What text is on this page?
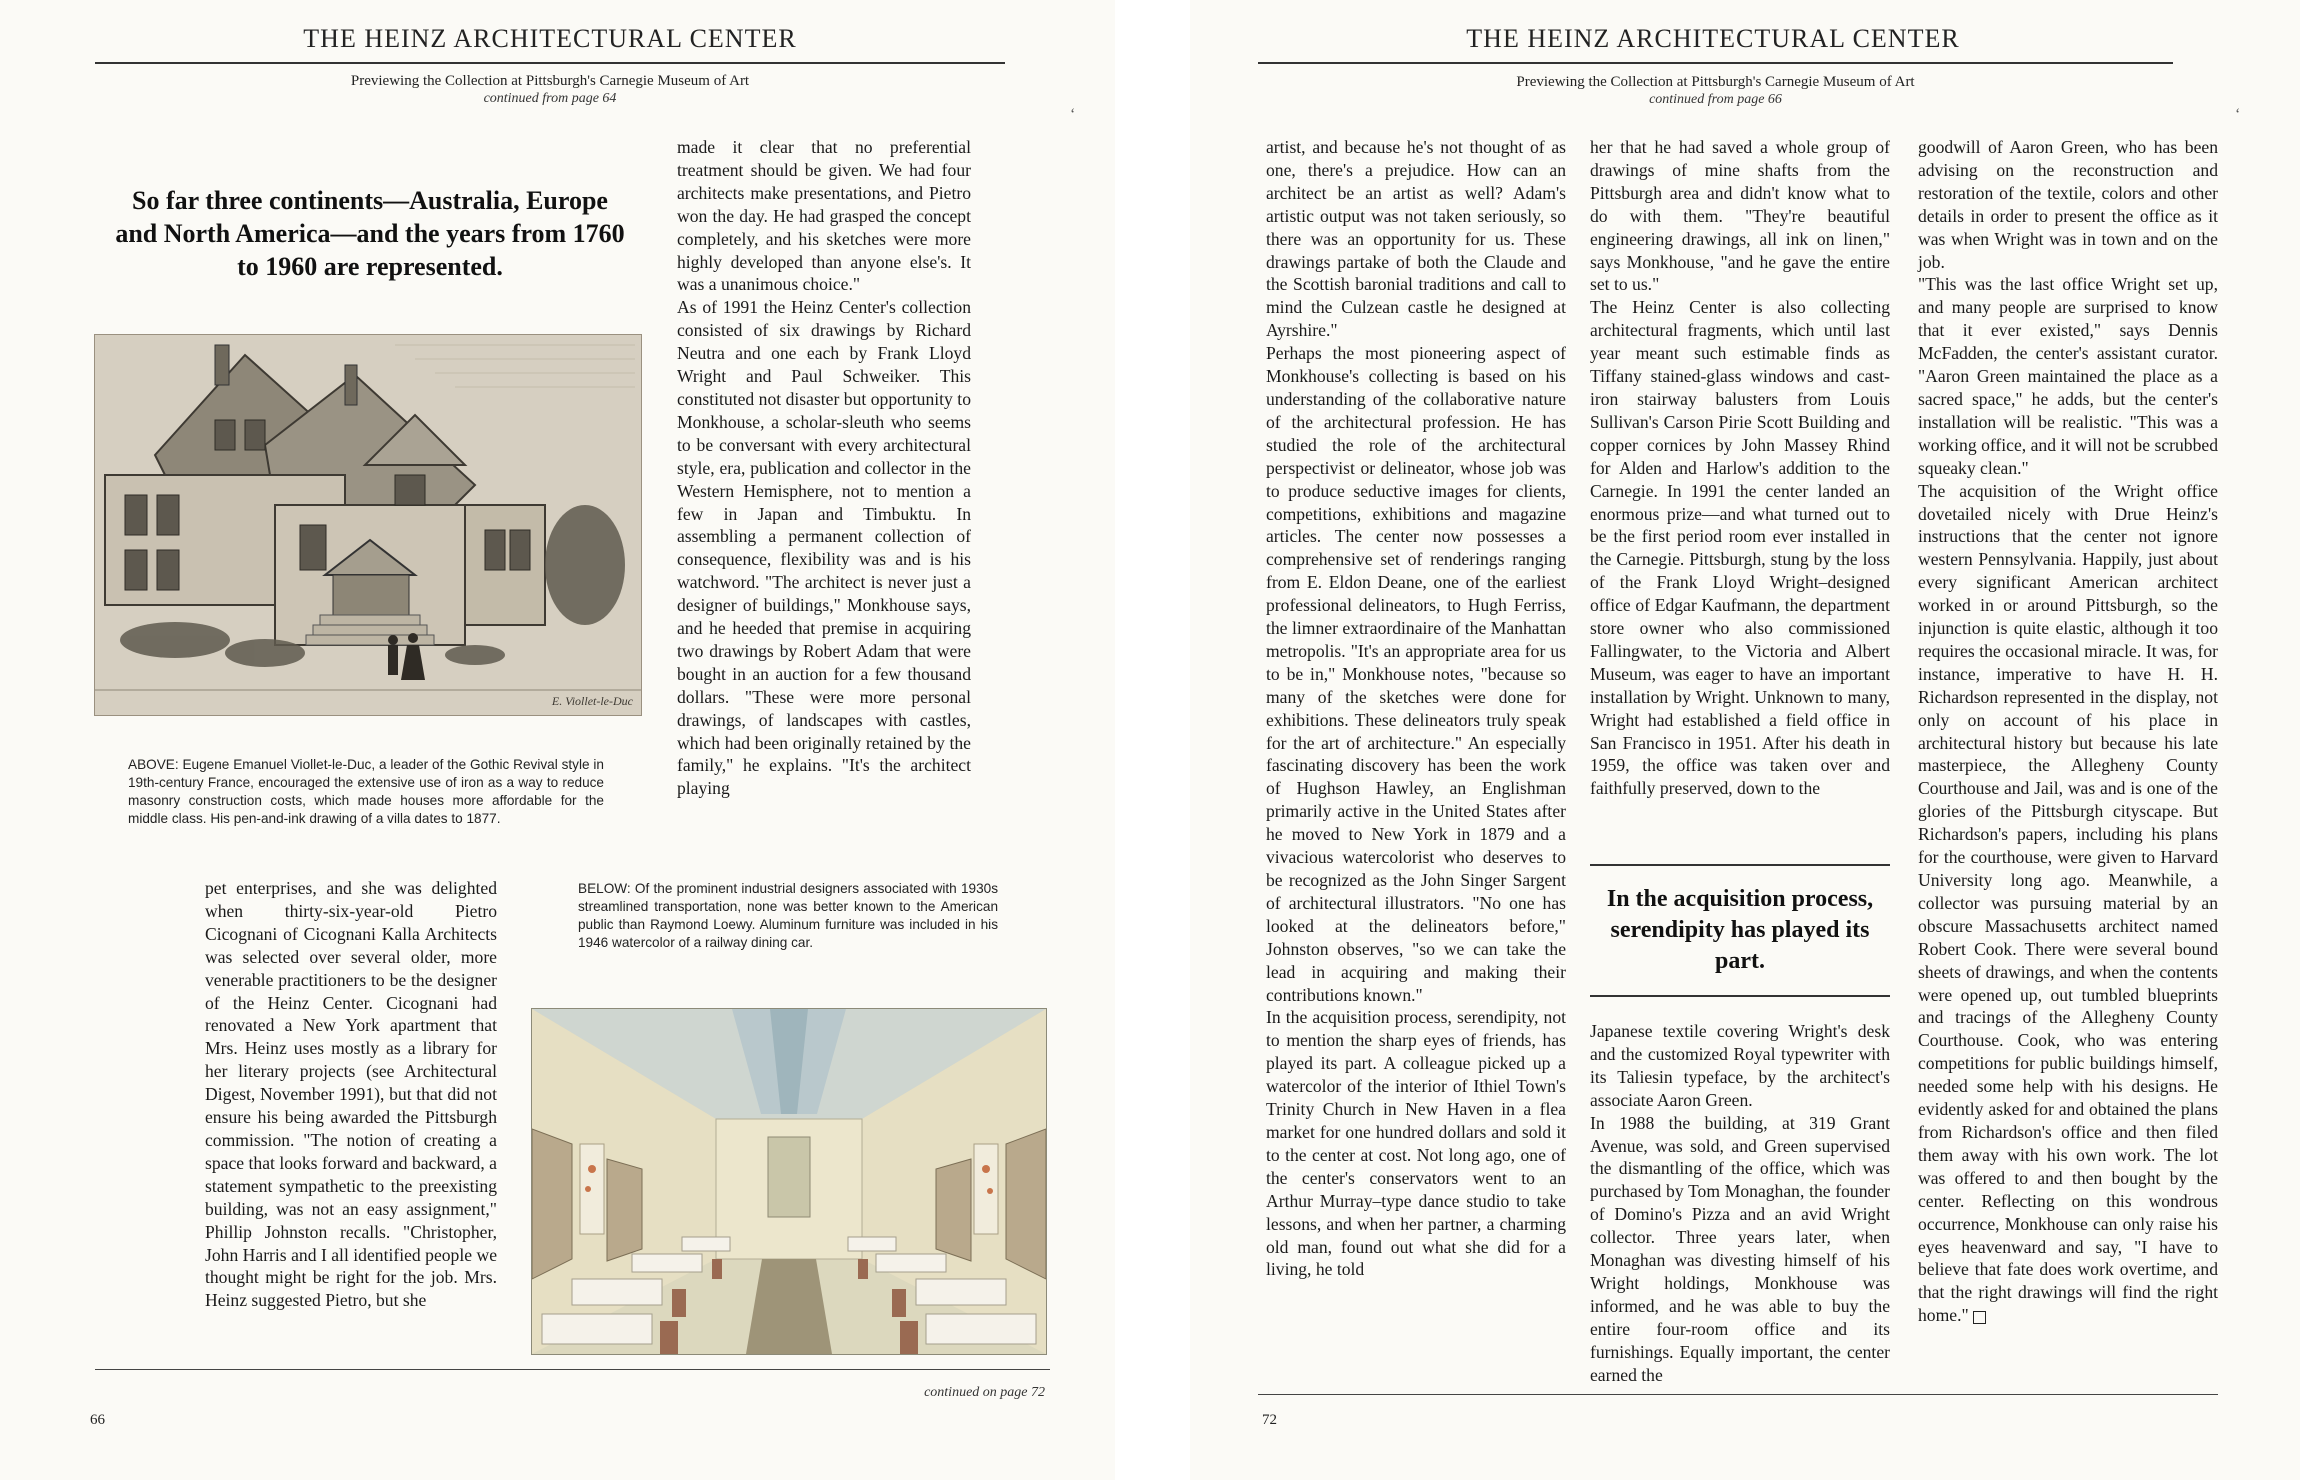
THE HEINZ ARCHITECTURAL CENTER
Previewing the Collection at Pittsburgh's Carnegie Museum of Art
continued from page 64
‘
So far three continents—Australia, Europe and North America—and the years from 1760 to 1960 are represented.
E. Viollet-le-Duc
ABOVE: Eugene Emanuel Viollet-le-Duc, a leader of the Gothic Revival style in 19th-century France, encouraged the extensive use of iron as a way to reduce masonry construction costs, which made houses more affordable for the middle class. His pen-and-ink drawing of a villa dates to 1877.
made it clear that no preferential treatment should be given. We had four architects make presentations, and Pietro won the day. He had grasped the concept completely, and his sketches were more highly developed than anyone else's. It was a unanimous choice."
As of 1991 the Heinz Center's collection consisted of six drawings by Richard Neutra and one each by Frank Lloyd Wright and Paul Schweiker. This constituted not disaster but opportunity to Monkhouse, a scholar-sleuth who seems to be conversant with every architectural style, era, publication and collector in the Western Hemisphere, not to mention a few in Japan and Timbuktu. In assembling a permanent collection of consequence, flexibility was and is his watchword. "The architect is never just a designer of buildings," Monkhouse says, and he heeded that premise in acquiring two drawings by Robert Adam that were bought in an auction for a few thousand dollars. "These were more personal drawings, of landscapes with castles, which had been originally retained by the family," he explains. "It's the architect playing
pet enterprises, and she was delighted when thirty-six-year-old Pietro Cicognani of Cicognani Kalla Architects was selected over several older, more venerable practitioners to be the designer of the Heinz Center. Cicognani had renovated a New York apartment that Mrs. Heinz uses mostly as a library for her literary projects (see Architectural Digest, November 1991), but that did not ensure his being awarded the Pittsburgh commission. "The notion of creating a space that looks forward and backward, a statement sympathetic to the preexisting building, was not an easy assignment," Phillip Johnston recalls. "Christopher, John Harris and I all identified people we thought might be right for the job. Mrs. Heinz suggested Pietro, but she
BELOW: Of the prominent industrial designers associated with 1930s streamlined transportation, none was better known to the American public than Raymond Loewy. Aluminum furniture was included in his 1946 watercolor of a railway dining car.
continued on page 72
66
THE HEINZ ARCHITECTURAL CENTER
Previewing the Collection at Pittsburgh's Carnegie Museum of Art
continued from page 66
‘
artist, and because he's not thought of as one, there's a prejudice. How can an architect be an artist as well? Adam's artistic output was not taken seriously, so there was an opportunity for us. These drawings partake of both the Claude and the Scottish baronial traditions and call to mind the Culzean castle he designed at Ayrshire."
Perhaps the most pioneering aspect of Monkhouse's collecting is based on his understanding of the collaborative nature of the architectural profession. He has studied the role of the architectural perspectivist or delineator, whose job was to produce seductive images for clients, competitions, exhibitions and magazine articles. The center now possesses a comprehensive set of renderings ranging from E. Eldon Deane, one of the earliest professional delineators, to Hugh Ferriss, the limner extraordinaire of the Manhattan metropolis. "It's an appropriate area for us to be in," Monkhouse notes, "because so many of the sketches were done for exhibitions. These delineators truly speak for the art of architecture." An especially fascinating discovery has been the work of Hughson Hawley, an Englishman primarily active in the United States after he moved to New York in 1879 and a vivacious watercolorist who deserves to be recognized as the John Singer Sargent of architectural illustrators. "No one has looked at the delineators before," Johnston observes, "so we can take the lead in acquiring and making their contributions known."
In the acquisition process, serendipity, not to mention the sharp eyes of friends, has played its part. A colleague picked up a watercolor of the interior of Ithiel Town's Trinity Church in New Haven in a flea market for one hundred dollars and sold it to the center at cost. Not long ago, one of the center's conservators went to an Arthur Murray–type dance studio to take lessons, and when her partner, a charming old man, found out what she did for a living, he told
her that he had saved a whole group of drawings of mine shafts from the Pittsburgh area and didn't know what to do with them. "They're beautiful engineering drawings, all ink on linen," says Monkhouse, "and he gave the entire set to us."
The Heinz Center is also collecting architectural fragments, which until last year meant such estimable finds as Tiffany stained-glass windows and cast-iron stairway balusters from Louis Sullivan's Carson Pirie Scott Building and copper cornices by John Massey Rhind for Alden and Harlow's addition to the Carnegie. In 1991 the center landed an enormous prize—and what turned out to be the first period room ever installed in the Carnegie. Pittsburgh, stung by the loss of the Frank Lloyd Wright–designed office of Edgar Kaufmann, the department store owner who also commissioned Fallingwater, to the Victoria and Albert Museum, was eager to have an important installation by Wright. Unknown to many, Wright had established a field office in San Francisco in 1951. After his death in 1959, the office was taken over and faithfully preserved, down to the
In the acquisition process, serendipity has played its part.
Japanese textile covering Wright's desk and the customized Royal typewriter with its Taliesin typeface, by the architect's associate Aaron Green.
In 1988 the building, at 319 Grant Avenue, was sold, and Green supervised the dismantling of the office, which was purchased by Tom Monaghan, the founder of Domino's Pizza and an avid Wright collector. Three years later, when Monaghan was divesting himself of his Wright holdings, Monkhouse was informed, and he was able to buy the entire four-room office and its furnishings. Equally important, the center earned the
goodwill of Aaron Green, who has been advising on the reconstruction and restoration of the textile, colors and other details in order to present the office as it was when Wright was in town and on the job.
"This was the last office Wright set up, and many people are surprised to know that it ever existed," says Dennis McFadden, the center's assistant curator. "Aaron Green maintained the place as a sacred space," he adds, but the center's installation will be realistic. "This was a working office, and it will not be scrubbed squeaky clean."
The acquisition of the Wright office dovetailed nicely with Drue Heinz's instructions that the center not ignore western Pennsylvania. Happily, just about every significant American architect worked in or around Pittsburgh, so the injunction is quite elastic, although it too requires the occasional miracle. It was, for instance, imperative to have H. H. Richardson represented in the display, not only on account of his place in architectural history but because his late masterpiece, the Allegheny County Courthouse and Jail, was and is one of the glories of the Pittsburgh cityscape. But Richardson's papers, including his plans for the courthouse, were given to Harvard University long ago. Meanwhile, a collector was pursuing material by an obscure Massachusetts architect named Robert Cook. There were several bound sheets of drawings, and when the contents were opened up, out tumbled blueprints and tracings of the Allegheny County Courthouse. Cook, who was entering competitions for public buildings himself, needed some help with his designs. He evidently asked for and obtained the plans from Richardson's office and then filed them away with his own work. The lot was offered to and then bought by the center. Reflecting on this wondrous occurrence, Monkhouse can only raise his eyes heavenward and say, "I have to believe that fate does work overtime, and that the right drawings will find the right home."
72
